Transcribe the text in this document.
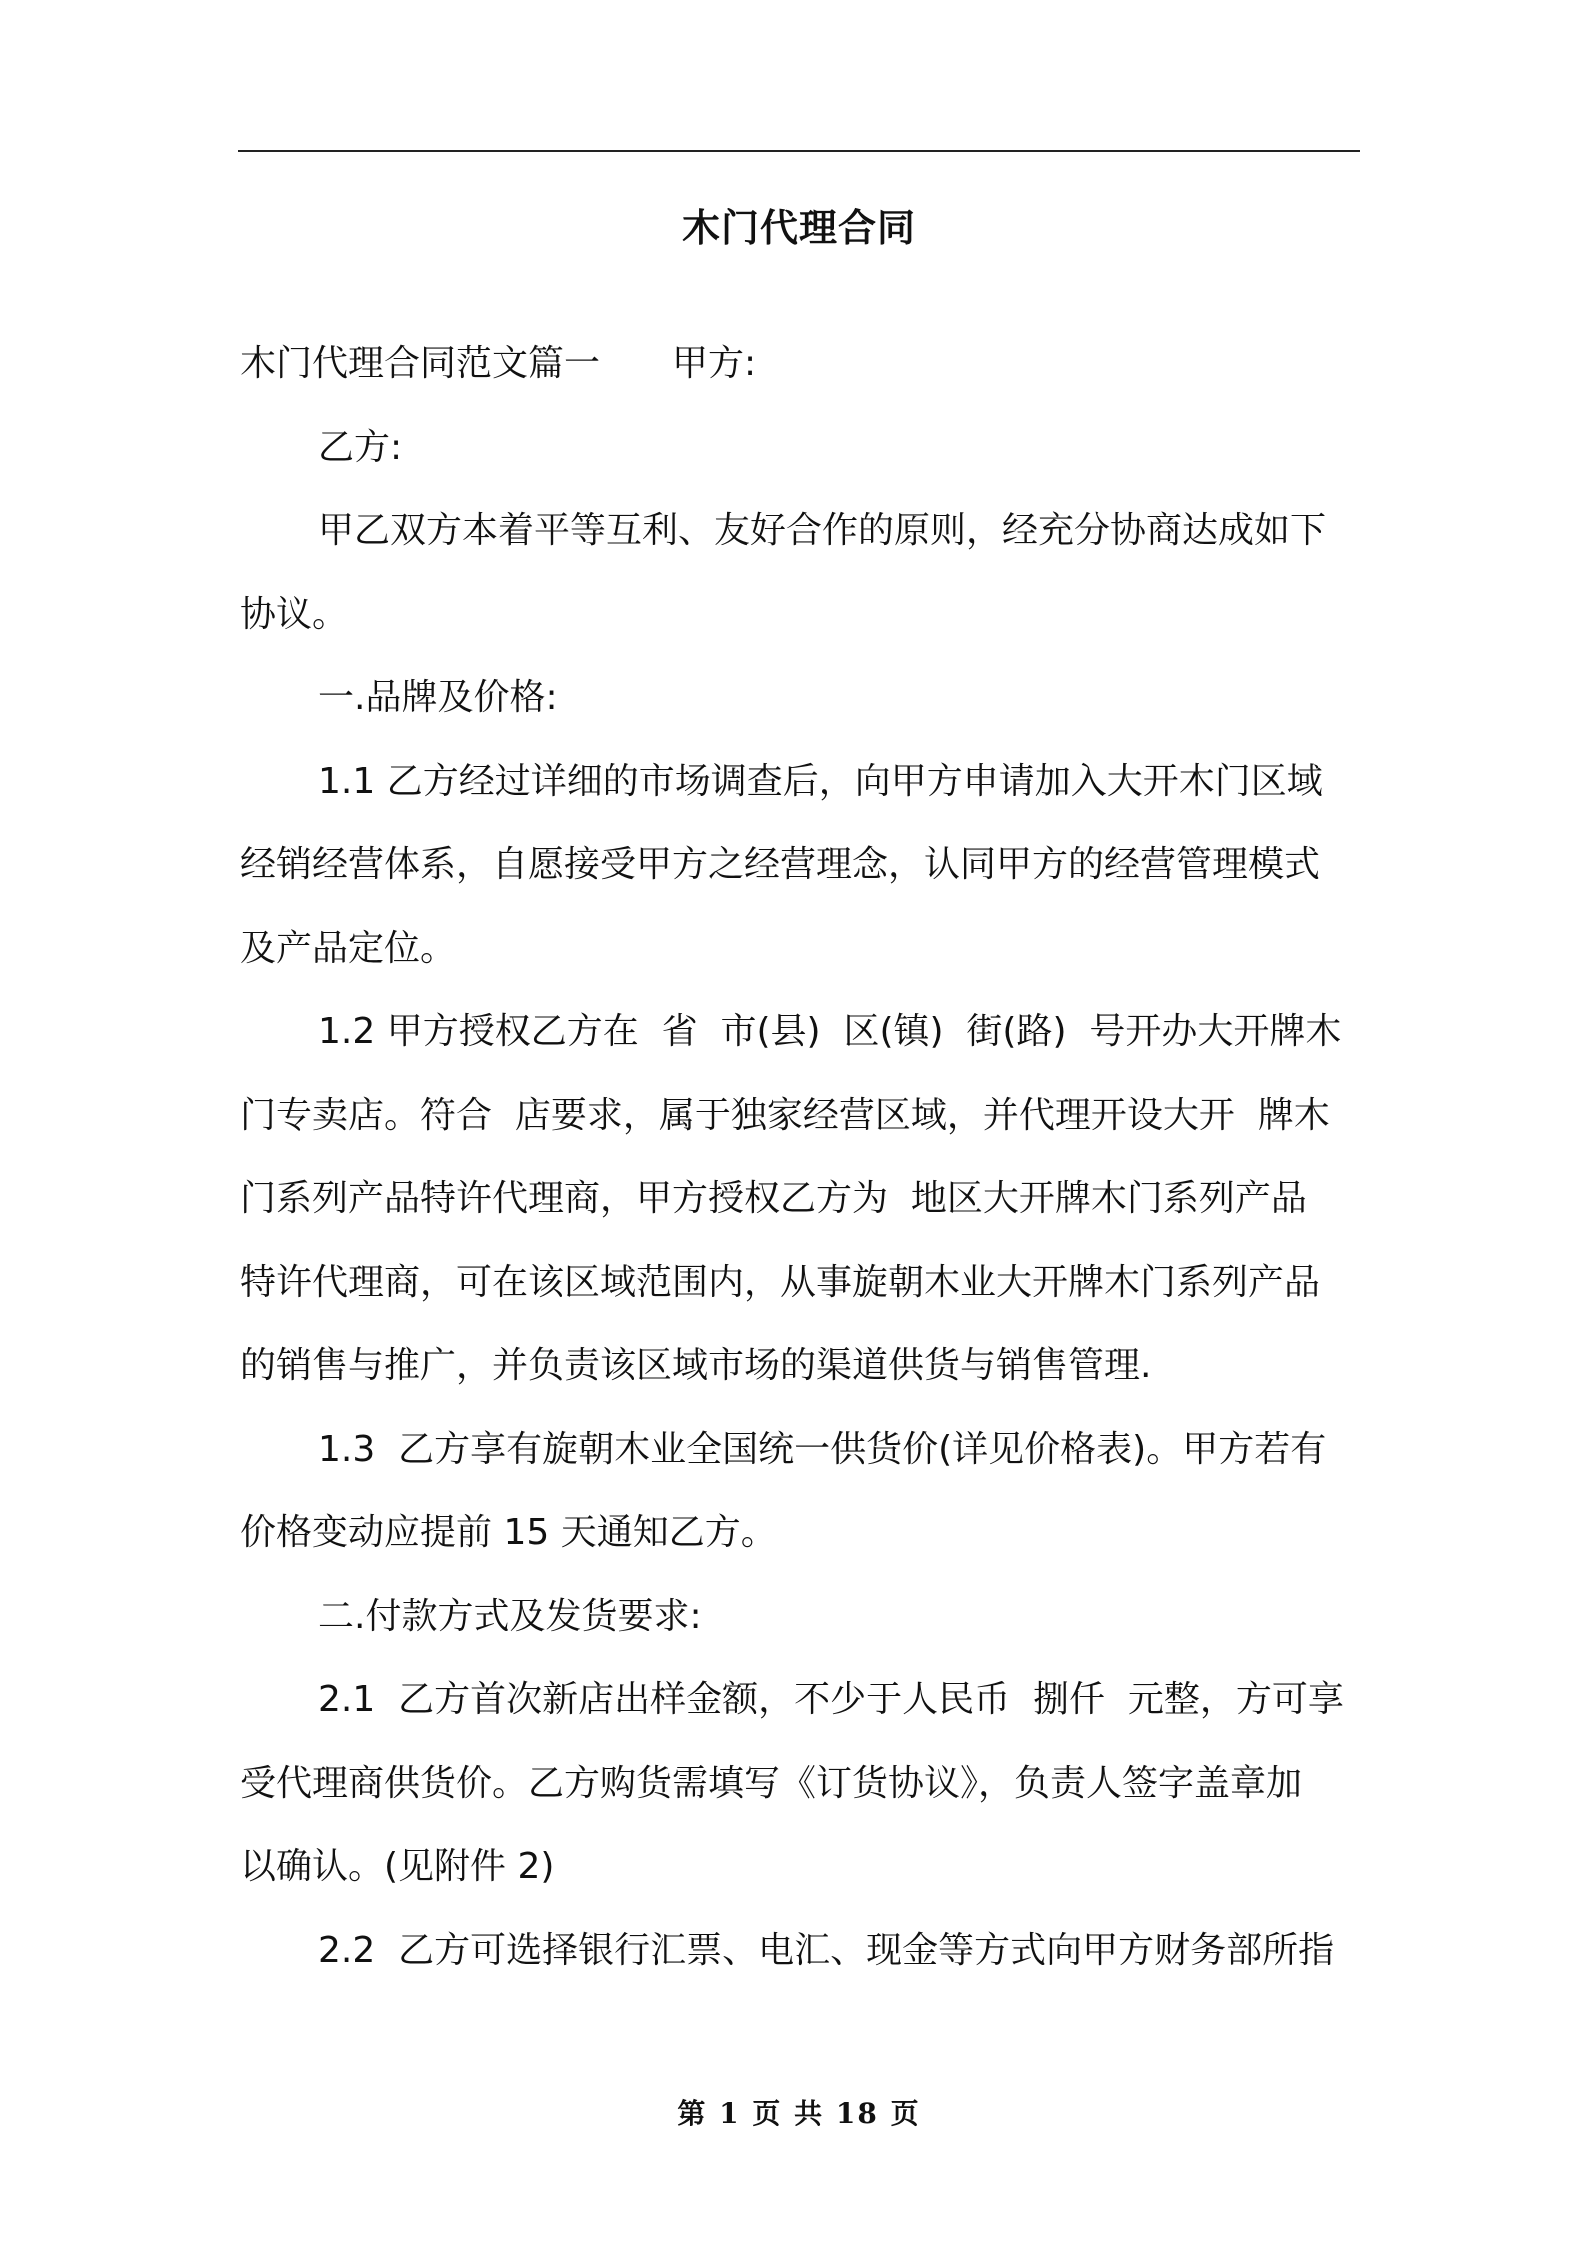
木门代理合同

木门代理合同范文篇一 甲方:

乙方:

甲乙双方本着平等互利、友好合作的原则，经充分协商达成如下

协议。

一.品牌及价格:

1.1 乙方经过详细的市场调查后，向甲方申请加入大开木门区域

经销经营体系，自愿接受甲方之经营理念，认同甲方的经营管理模式

及产品定位。

1.2 甲方授权乙方在  省  市(县)  区(镇)  街(路)  号开办大开牌木

门专卖店。符合  店要求，属于独家经营区域，并代理开设大开  牌木

门系列产品特许代理商，甲方授权乙方为  地区大开牌木门系列产品

特许代理商，可在该区域范围内，从事旋朝木业大开牌木门系列产品

的销售与推广，并负责该区域市场的渠道供货与销售管理.

1.3  乙方享有旋朝木业全国统一供货价(详见价格表)。甲方若有

价格变动应提前 15 天通知乙方。

二.付款方式及发货要求:

2.1  乙方首次新店出样金额，不少于人民币  捌仟  元整，方可享

受代理商供货价。乙方购货需填写《订货协议》，负责人签字盖章加

以确认。(见附件 2)

2.2  乙方可选择银行汇票、电汇、现金等方式向甲方财务部所指

第 1 页 共 18 页
